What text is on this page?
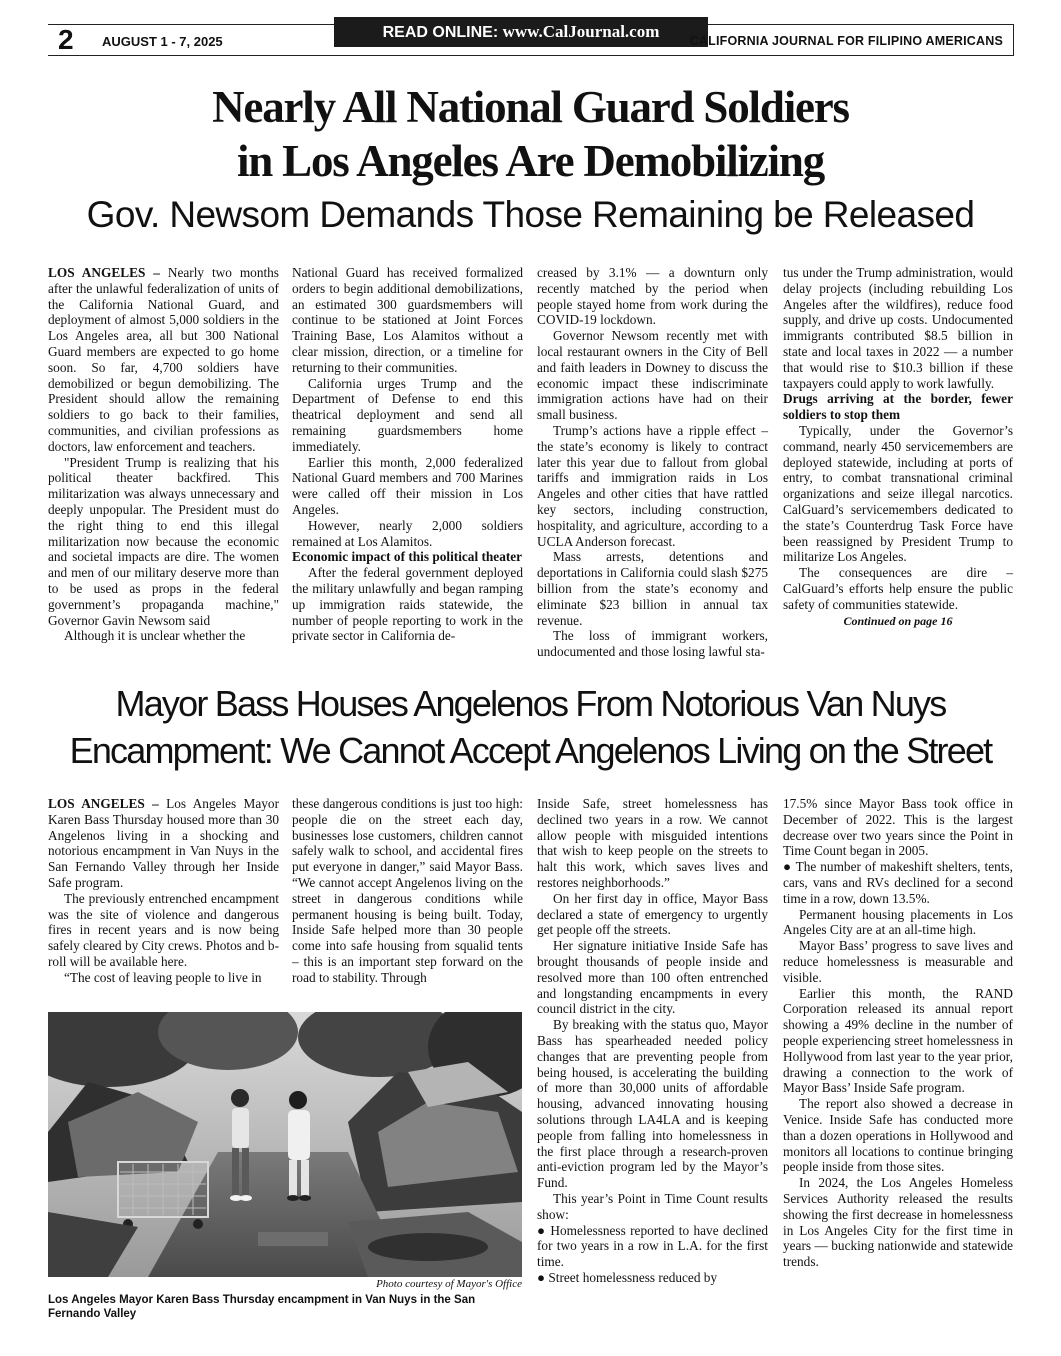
2 AUGUST 1 - 7, 2025
READ ONLINE: www.CalJournal.com	CALIFORNIA JOURNAL FOR FILIPINO AMERICANS
Nearly All National Guard Soldiers
in Los Angeles Are Demobilizing
Gov. Newsom Demands Those Remaining be Released

LOS ANGELES – Nearly two months after the unlawful federalization of units of the California National Guard, and deployment of almost 5,000 soldiers in the Los Angeles area, all but 300 National Guard members are expected to go home soon. So far, 4,700 soldiers have demobilized or begun demobilizing. The President should allow the remaining soldiers to go back to their families, communities, and civilian professions as doctors, law enforcement and teachers.

"President Trump is realizing that his political theater backfired. This militarization was always unnecessary and deeply unpopular. The President must do the right thing to end this illegal militarization now because the economic and societal impacts are dire. The women and men of our military deserve more than to be used as props in the federal government’s propaganda machine," Governor Gavin Newsom said

Although it is unclear whether the

National Guard has received formalized orders to begin additional demobilizations, an estimated 300 guardsmembers will continue to be stationed at Joint Forces Training Base, Los Alamitos without a clear mission, direction, or a timeline for returning to their communities.

California urges Trump and the Department of Defense to end this theatrical deployment and send all remaining guardsmembers home immediately.

Earlier this month, 2,000 federalized National Guard members and 700 Marines were called off their mission in Los Angeles.

However, nearly 2,000 soldiers remained at Los Alamitos.

Economic impact of this political theater

After the federal government deployed the military unlawfully and began ramping up immigration raids statewide, the number of people reporting to work in the private sector in California de-

creased by 3.1% — a downturn only recently matched by the period when people stayed home from work during the COVID-19 lockdown.

Governor Newsom recently met with local restaurant owners in the City of Bell and faith leaders in Downey to discuss the economic impact these indiscriminate immigration actions have had on their small business.

Trump’s actions have a ripple effect – the state’s economy is likely to contract later this year due to fallout from global tariffs and immigration raids in Los Angeles and other cities that have rattled key sectors, including construction, hospitality, and agriculture, according to a UCLA Anderson forecast.

Mass arrests, detentions and deportations in California could slash $275 billion from the state’s economy and eliminate $23 billion in annual tax revenue.

The loss of immigrant workers, undocumented and those losing lawful sta-

tus under the Trump administration, would delay projects (including rebuilding Los Angeles after the wildfires), reduce food supply, and drive up costs. Undocumented immigrants contributed $8.5 billion in state and local taxes in 2022 — a number that would rise to $10.3 billion if these taxpayers could apply to work lawfully.

Drugs arriving at the border, fewer soldiers to stop them

Typically, under the Governor’s command, nearly 450 servicemembers are deployed statewide, including at ports of entry, to combat transnational criminal organizations and seize illegal narcotics. CalGuard’s servicemembers dedicated to the state’s Counterdrug Task Force have been reassigned by President Trump to militarize Los Angeles.

The consequences are dire – CalGuard’s efforts help ensure the public safety of communities statewide.

Continued on page 16
Mayor Bass Houses Angelenos From Notorious Van Nuys
Encampment: We Cannot Accept Angelenos Living on the Street

LOS ANGELES – Los Angeles Mayor Karen Bass Thursday housed more than 30 Angelenos living in a shocking and notorious encampment in Van Nuys in the San Fernando Valley through her Inside Safe program.

The previously entrenched encampment was the site of violence and dangerous fires in recent years and is now being safely cleared by City crews. Photos and b-roll will be available here.

“The cost of leaving people to live in

these dangerous conditions is just too high: people die on the street each day, businesses lose customers, children cannot safely walk to school, and accidental fires put everyone in danger,” said Mayor Bass. “We cannot accept Angelenos living on the street in dangerous conditions while permanent housing is being built. Today, Inside Safe helped more than 30 people come into safe housing from squalid tents – this is an important step forward on the road to stability. Through

Inside Safe, street homelessness has declined two years in a row. We cannot allow people with misguided intentions that wish to keep people on the streets to halt this work, which saves lives and restores neighborhoods.”

On her first day in office, Mayor Bass declared a state of emergency to urgently get people off the streets.

Her signature initiative Inside Safe has brought thousands of people inside and resolved more than 100 often entrenched and longstanding encampments in every council district in the city.

By breaking with the status quo, Mayor Bass has spearheaded needed policy changes that are preventing people from being housed, is accelerating the building of more than 30,000 units of affordable housing, advanced innovating housing solutions through LA4LA and is keeping people from falling into homelessness in the first place through a research-proven anti-eviction program led by the Mayor’s Fund.

This year’s Point in Time Count results show:

● Homelessness reported to have declined for two years in a row in L.A. for the first time.

● Street homelessness reduced by

17.5% since Mayor Bass took office in December of 2022. This is the largest decrease over two years since the Point in Time Count began in 2005.

● The number of makeshift shelters, tents, cars, vans and RVs declined for a second time in a row, down 13.5%.

Permanent housing placements in Los Angeles City are at an all-time high.

Mayor Bass’ progress to save lives and reduce homelessness is measurable and visible.

Earlier this month, the RAND Corporation released its annual report showing a 49% decline in the number of people experiencing street homelessness in Hollywood from last year to the year prior, drawing a connection to the work of Mayor Bass’ Inside Safe program.

The report also showed a decrease in Venice. Inside Safe has conducted more than a dozen operations in Hollywood and monitors all locations to continue bringing people inside from those sites.

In 2024, the Los Angeles Homeless Services Authority released the results showing the first decrease in homelessness in Los Angeles City for the first time in years — bucking nationwide and statewide trends.

Photo courtesy of Mayor's Office
Los Angeles Mayor Karen Bass Thursday encampment in Van Nuys in the San Fernando Valley
